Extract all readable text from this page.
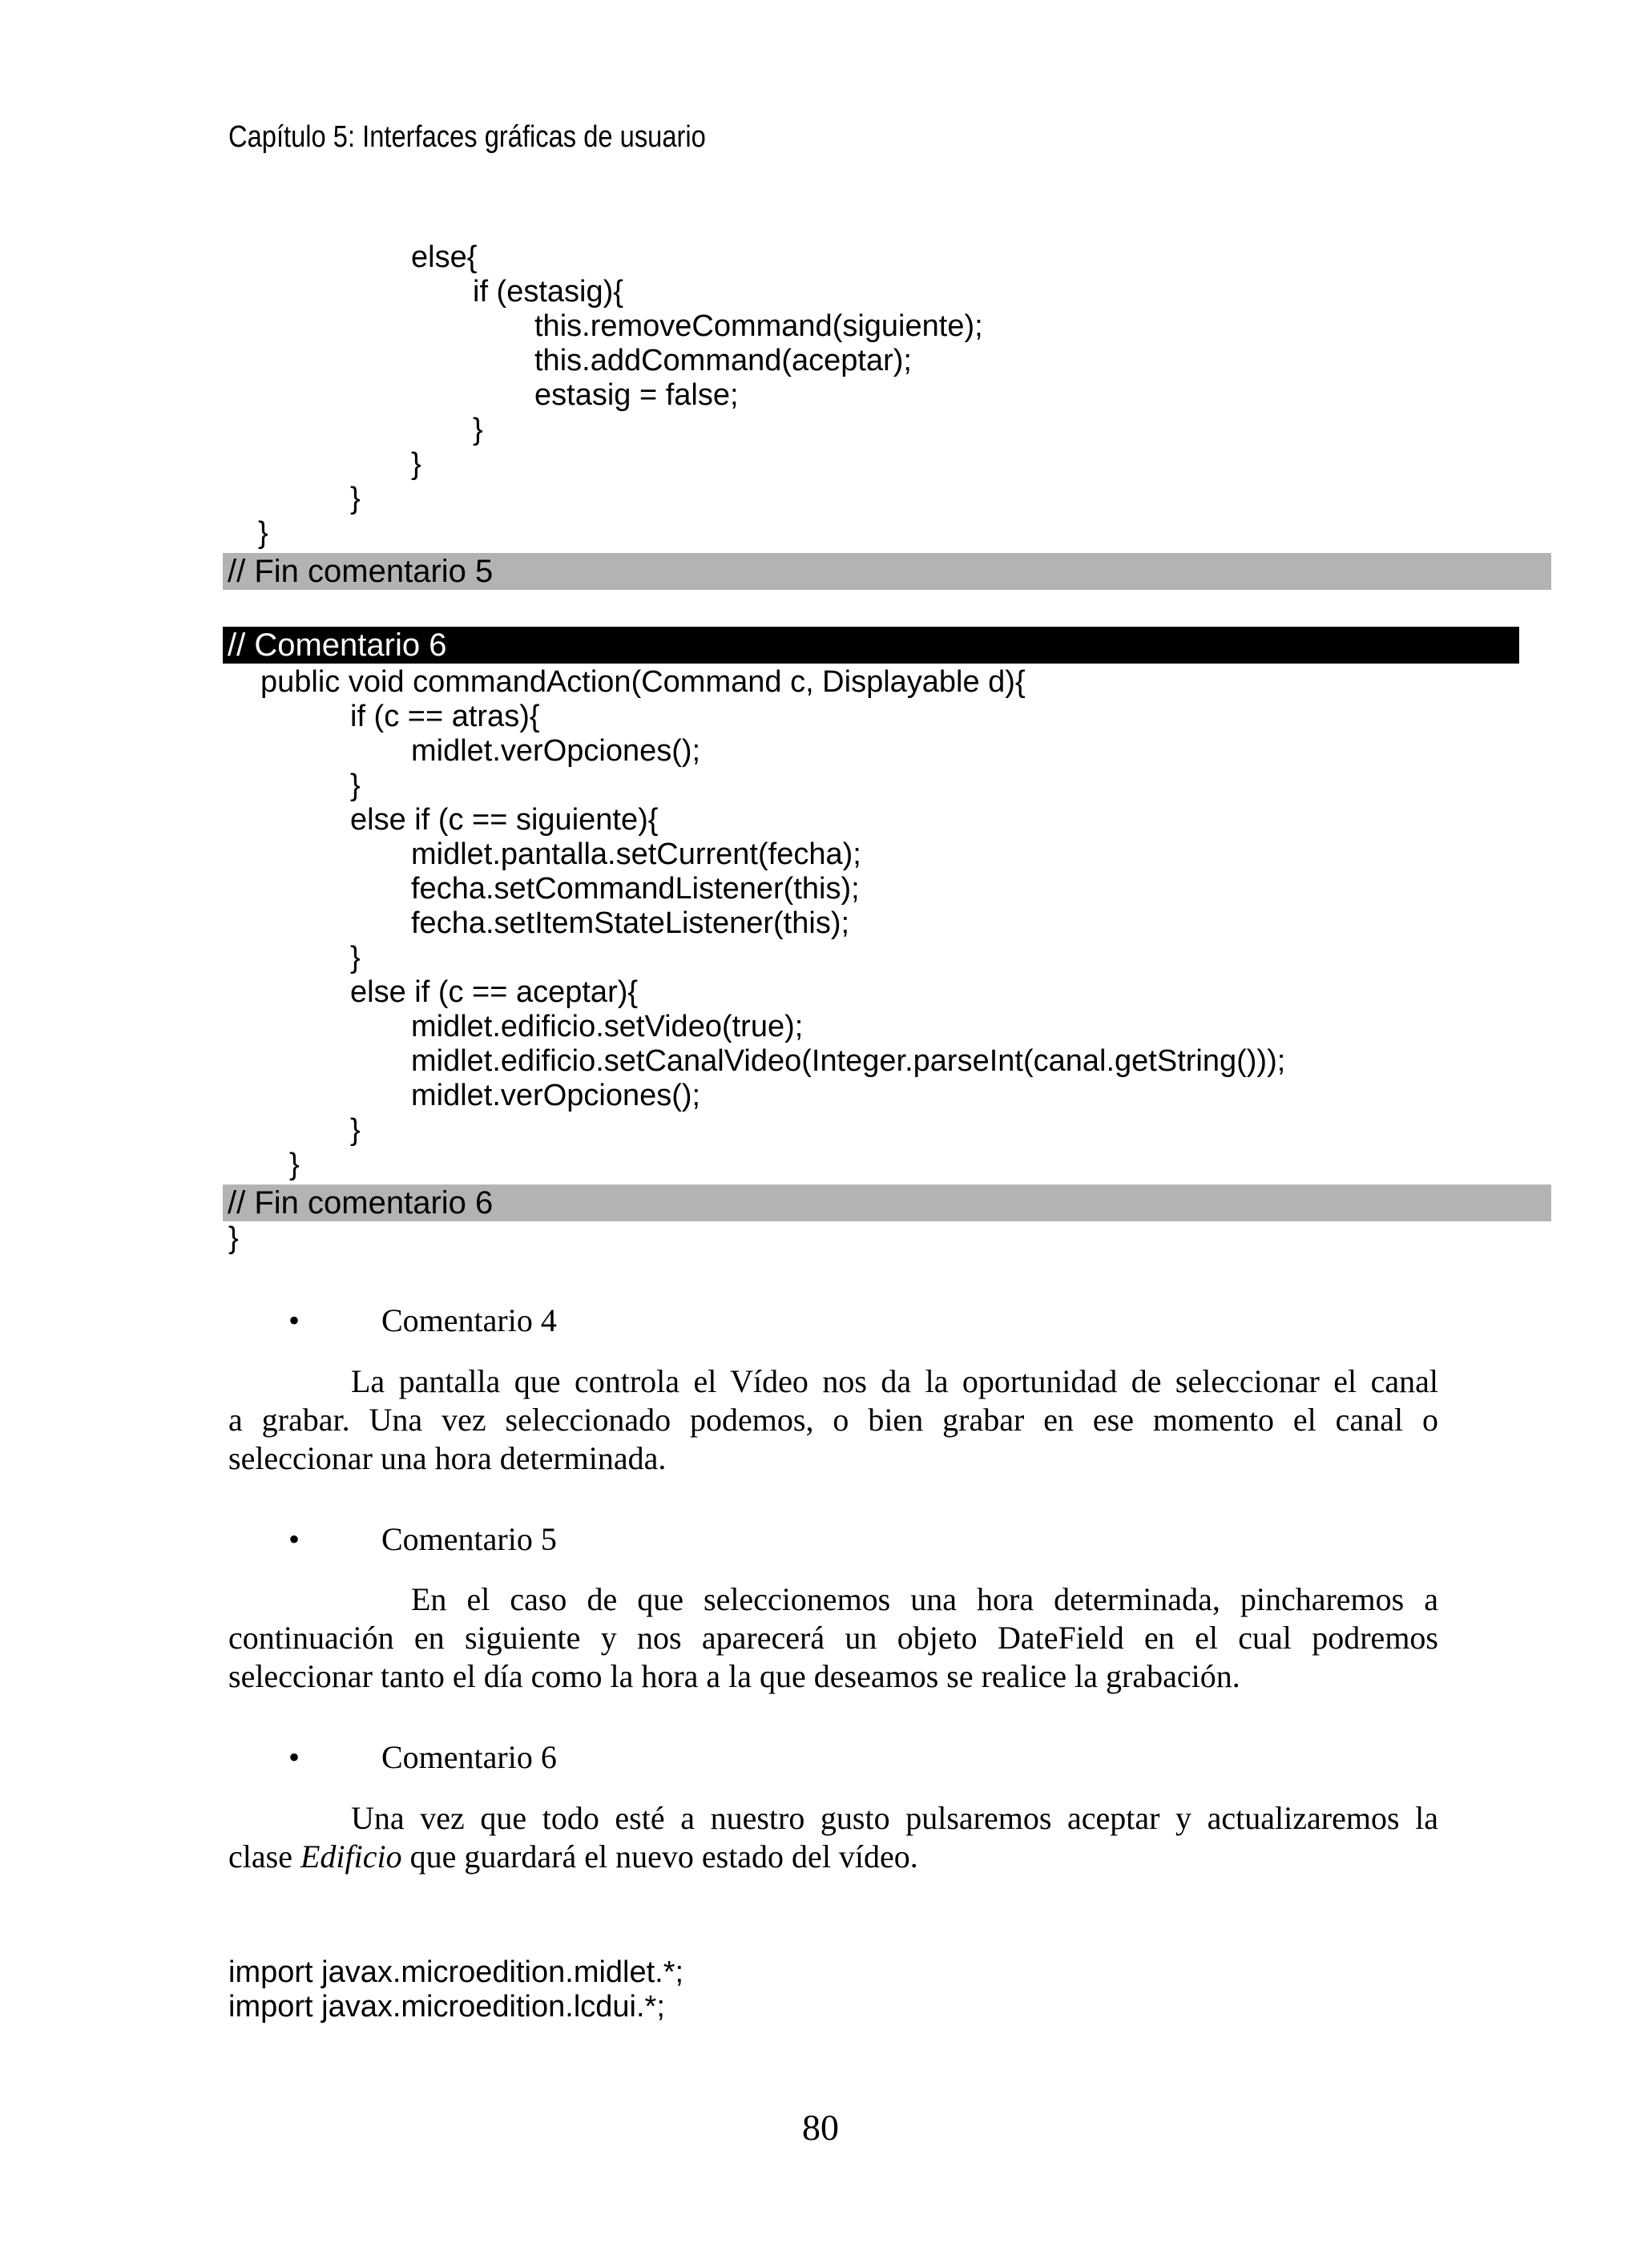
Capítulo 5: Interfaces gráficas de usuario
else{
if (estasig){
this.removeCommand(siguiente);
this.addCommand(aceptar);
estasig = false;
}
}
}
}
// Fin comentario 5
// Comentario 6
public void commandAction(Command c, Displayable d){
if (c == atras){
midlet.verOpciones();
}
else if (c == siguiente){
midlet.pantalla.setCurrent(fecha);
fecha.setCommandListener(this);
fecha.setItemStateListener(this);
}
else if (c == aceptar){
midlet.edificio.setVideo(true);
midlet.edificio.setCanalVideo(Integer.parseInt(canal.getString()));
midlet.verOpciones();
}
}
// Fin comentario 6
}
•	Comentario 4
La pantalla que controla el Vídeo nos da la oportunidad de seleccionar el canal
a grabar. Una vez seleccionado podemos, o bien grabar en ese momento el canal o
seleccionar una hora determinada.
•	Comentario 5
En el caso de que seleccionemos una hora determinada, pincharemos a
continuación en siguiente y nos aparecerá un objeto DateField en el cual podremos
seleccionar tanto el día como la hora a la que deseamos se realice la grabación.
•	Comentario 6
Una vez que todo esté a nuestro gusto pulsaremos aceptar y actualizaremos la
clase Edificio que guardará el nuevo estado del vídeo.
import javax.microedition.midlet.*;
import javax.microedition.lcdui.*;
80
